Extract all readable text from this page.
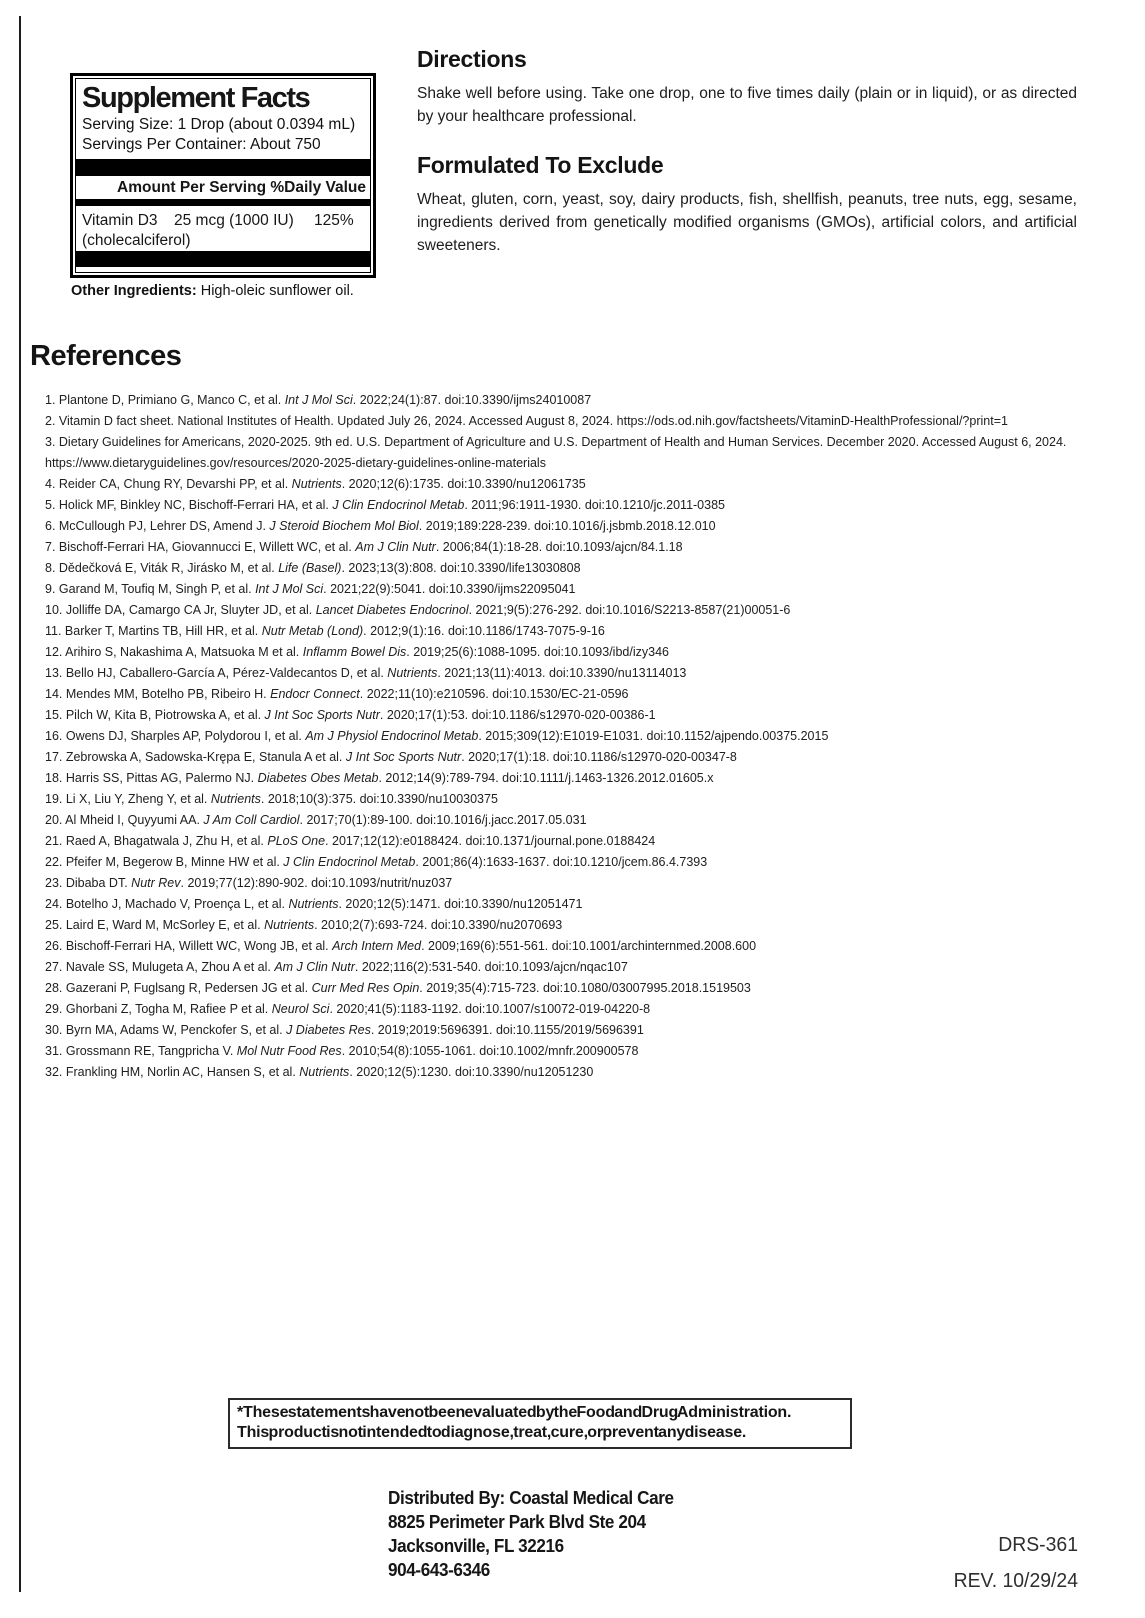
Supplement Facts
Serving Size: 1 Drop (about 0.0394 mL)
Servings Per Container: About 750
Amount Per Serving %Daily Value
Vitamin D3	25 mcg (1000 IU)	125%
(cholecalciferol)
Other Ingredients: High-oleic sunflower oil.
Directions

Shake well before using. Take one drop, one to five times daily (plain or in liquid), or as directed by your healthcare professional.

Formulated To Exclude

Wheat, gluten, corn, yeast, soy, dairy products, fish, shellfish, peanuts, tree nuts, egg, sesame, ingredients derived from genetically modified organisms (GMOs), artificial colors, and artificial sweeteners.

References
1. Plantone D, Primiano G, Manco C, et al. Int J Mol Sci. 2022;24(1):87. doi:10.3390/ijms24010087
2. Vitamin D fact sheet. National Institutes of Health. Updated July 26, 2024. Accessed August 8, 2024. https://ods.od.nih.gov/factsheets/VitaminD-HealthProfessional/?print=1
3. Dietary Guidelines for Americans, 2020-2025. 9th ed. U.S. Department of Agriculture and U.S. Department of Health and Human Services. December 2020. Accessed August 6, 2024. https://www.dietaryguidelines.gov/resources/2020-2025-dietary-guidelines-online-materials
4. Reider CA, Chung RY, Devarshi PP, et al. Nutrients. 2020;12(6):1735. doi:10.3390/nu12061735
5. Holick MF, Binkley NC, Bischoff-Ferrari HA, et al. J Clin Endocrinol Metab. 2011;96:1911-1930. doi:10.1210/jc.2011-0385
6. McCullough PJ, Lehrer DS, Amend J. J Steroid Biochem Mol Biol. 2019;189:228-239. doi:10.1016/j.jsbmb.2018.12.010
7. Bischoff-Ferrari HA, Giovannucci E, Willett WC, et al. Am J Clin Nutr. 2006;84(1):18-28. doi:10.1093/ajcn/84.1.18
8. Dědečková E, Viták R, Jirásko M, et al. Life (Basel). 2023;13(3):808. doi:10.3390/life13030808
9. Garand M, Toufiq M, Singh P, et al. Int J Mol Sci. 2021;22(9):5041. doi:10.3390/ijms22095041
10. Jolliffe DA, Camargo CA Jr, Sluyter JD, et al. Lancet Diabetes Endocrinol. 2021;9(5):276-292. doi:10.1016/S2213-8587(21)00051-6
11. Barker T, Martins TB, Hill HR, et al. Nutr Metab (Lond). 2012;9(1):16. doi:10.1186/1743-7075-9-16
12. Arihiro S, Nakashima A, Matsuoka M et al. Inflamm Bowel Dis. 2019;25(6):1088-1095. doi:10.1093/ibd/izy346
13. Bello HJ, Caballero-García A, Pérez-Valdecantos D, et al. Nutrients. 2021;13(11):4013. doi:10.3390/nu13114013
14. Mendes MM, Botelho PB, Ribeiro H. Endocr Connect. 2022;11(10):e210596. doi:10.1530/EC-21-0596
15. Pilch W, Kita B, Piotrowska A, et al. J Int Soc Sports Nutr. 2020;17(1):53. doi:10.1186/s12970-020-00386-1
16. Owens DJ, Sharples AP, Polydorou I, et al. Am J Physiol Endocrinol Metab. 2015;309(12):E1019-E1031. doi:10.1152/ajpendo.00375.2015
17. Zebrowska A, Sadowska-Krępa E, Stanula A et al. J Int Soc Sports Nutr. 2020;17(1):18. doi:10.1186/s12970-020-00347-8
18. Harris SS, Pittas AG, Palermo NJ. Diabetes Obes Metab. 2012;14(9):789-794. doi:10.1111/j.1463-1326.2012.01605.x
19. Li X, Liu Y, Zheng Y, et al. Nutrients. 2018;10(3):375. doi:10.3390/nu10030375
20. Al Mheid I, Quyyumi AA. J Am Coll Cardiol. 2017;70(1):89-100. doi:10.1016/j.jacc.2017.05.031
21. Raed A, Bhagatwala J, Zhu H, et al. PLoS One. 2017;12(12):e0188424. doi:10.1371/journal.pone.0188424
22. Pfeifer M, Begerow B, Minne HW et al. J Clin Endocrinol Metab. 2001;86(4):1633-1637. doi:10.1210/jcem.86.4.7393
23. Dibaba DT. Nutr Rev. 2019;77(12):890-902. doi:10.1093/nutrit/nuz037
24. Botelho J, Machado V, Proença L, et al. Nutrients. 2020;12(5):1471. doi:10.3390/nu12051471
25. Laird E, Ward M, McSorley E, et al. Nutrients. 2010;2(7):693-724. doi:10.3390/nu2070693
26. Bischoff-Ferrari HA, Willett WC, Wong JB, et al. Arch Intern Med. 2009;169(6):551-561. doi:10.1001/archinternmed.2008.600
27. Navale SS, Mulugeta A, Zhou A et al. Am J Clin Nutr. 2022;116(2):531-540. doi:10.1093/ajcn/nqac107
28. Gazerani P, Fuglsang R, Pedersen JG et al. Curr Med Res Opin. 2019;35(4):715-723. doi:10.1080/03007995.2018.1519503
29. Ghorbani Z, Togha M, Rafiee P et al. Neurol Sci. 2020;41(5):1183-1192. doi:10.1007/s10072-019-04220-8
30. Byrn MA, Adams W, Penckofer S, et al. J Diabetes Res. 2019;2019:5696391. doi:10.1155/2019/5696391
31. Grossmann RE, Tangpricha V. Mol Nutr Food Res. 2010;54(8):1055-1061. doi:10.1002/mnfr.200900578
32. Frankling HM, Norlin AC, Hansen S, et al. Nutrients. 2020;12(5):1230. doi:10.3390/nu12051230
*These statements have not been evaluated by the Food and Drug Administration.
This product is not intended to diagnose, treat, cure, or prevent any disease.
Distributed By: Coastal Medical Care
8825 Perimeter Park Blvd Ste 204
Jacksonville, FL 32216
904-643-6346
DRS-361
REV. 10/29/24
